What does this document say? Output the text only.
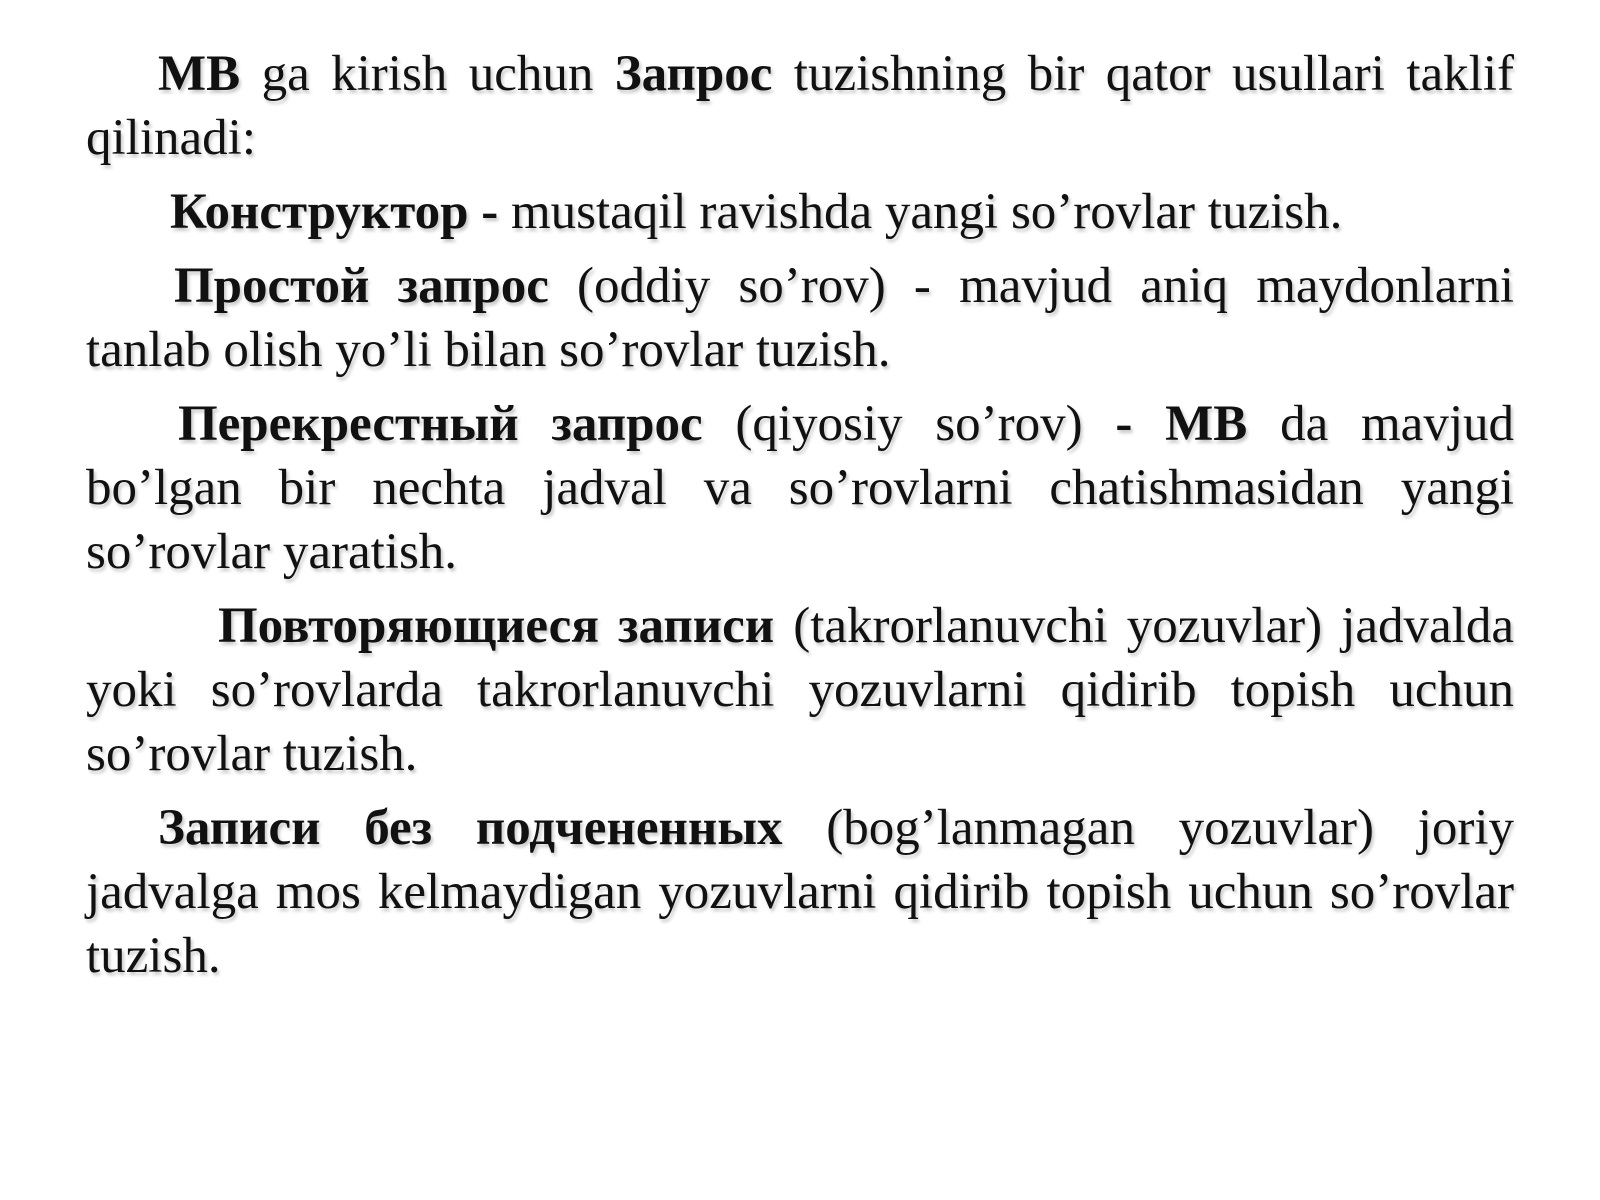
MB ga kirish uchun Запрос tuzishning bir qator usullari taklif qilinadi:

Конструктор - mustaqil ravishda yangi so’rovlar tuzish.

Простой запрос (oddiy so’rov) - mavjud aniq maydonlarni tanlab olish yo’li bilan so’rovlar tuzish.

Перекрестный запрос (qiyosiy so’rov) - MB da mavjud bo’lgan bir nechta jadval va so’rovlarni chatishmasidan yangi so’rovlar yaratish.

Повторяющиеся записи (takrorlanuvchi yozuvlar) jadvalda yoki so’rovlarda takrorlanuvchi yozuvlarni qidirib topish uchun so’rovlar tuzish.

Записи без подчененных (bog’lanmagan yozuvlar) joriy jadvalga mos kelmaydigan yozuvlarni qidirib topish uchun so’rovlar tuzish.
